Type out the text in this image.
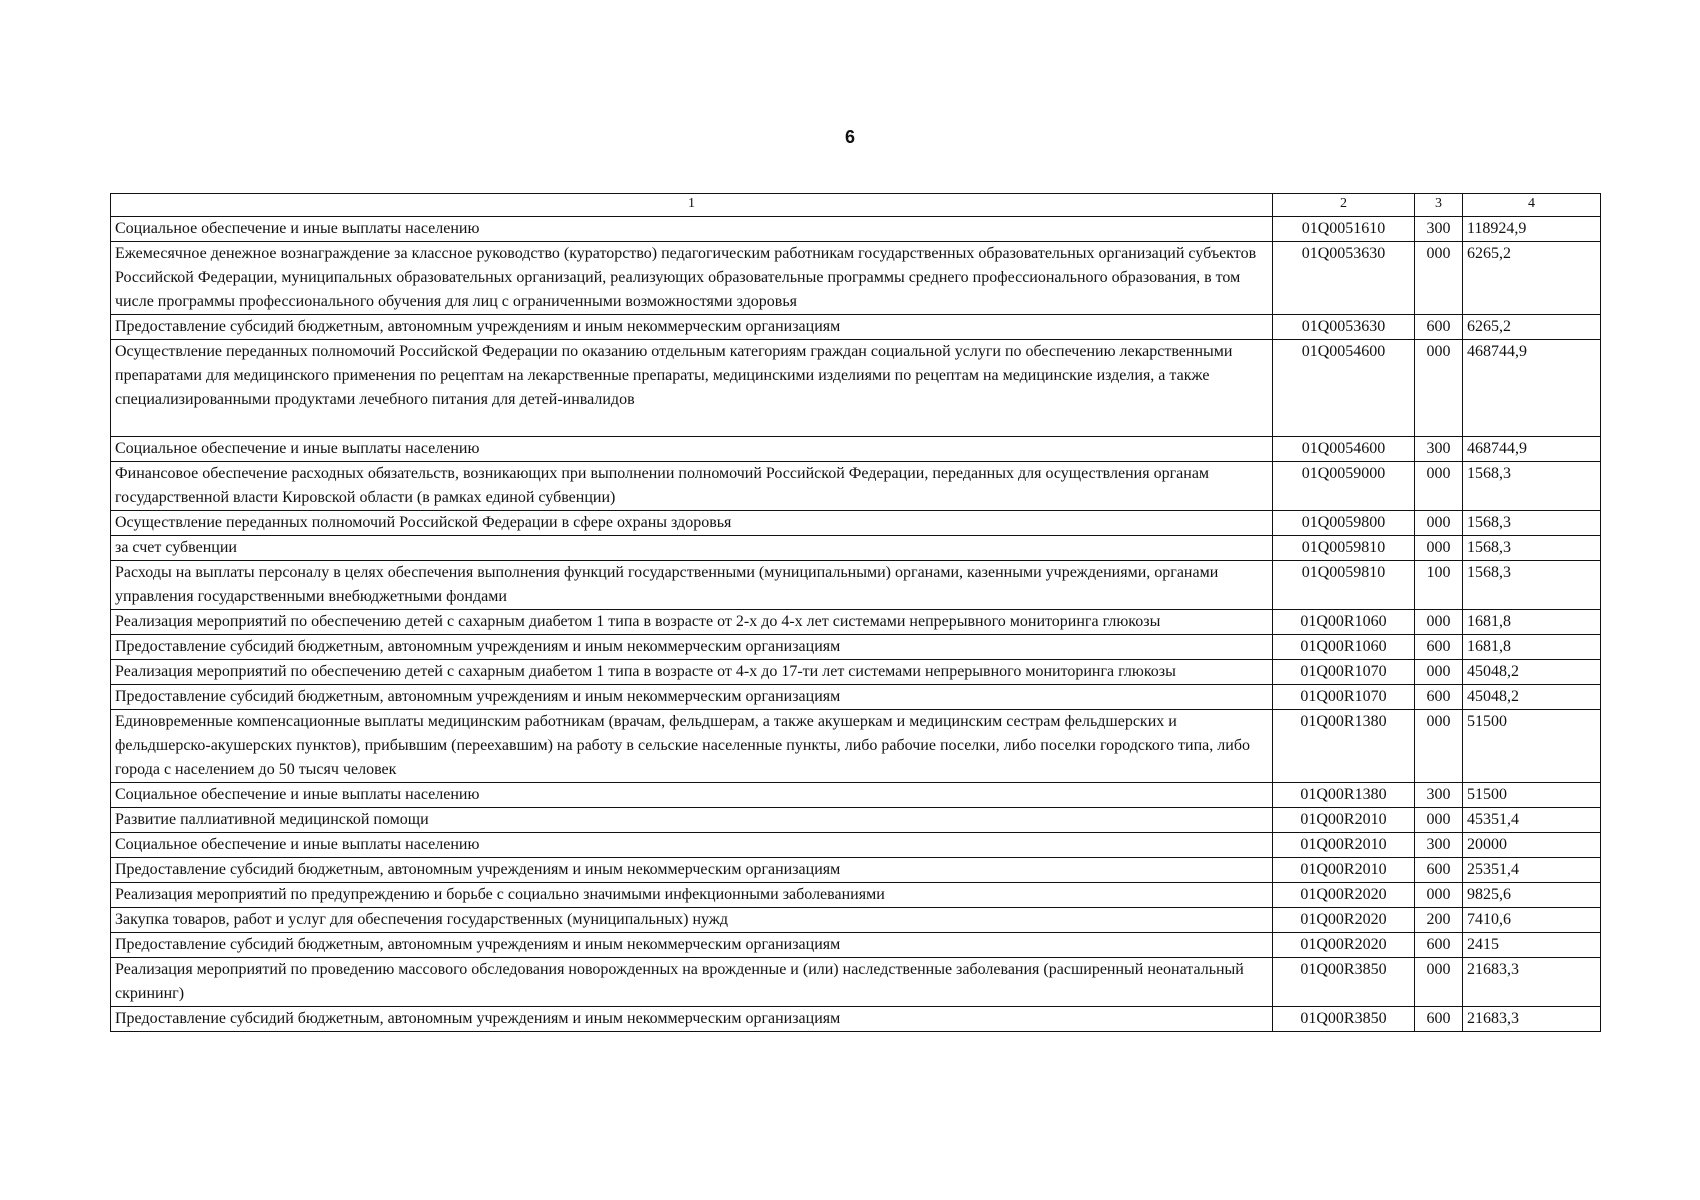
6
1	2	3	4
Социальное обеспечение и иные выплаты населению	01Q0051610	300	118924,9
Ежемесячное денежное вознаграждение за классное руководство (кураторство) педагогическим работникам государственных образовательных организаций субъектов Российской Федерации, муниципальных образовательных организаций, реализующих образовательные программы среднего профессионального образования, в том числе программы профессионального обучения для лиц с ограниченными возможностями здоровья	01Q0053630	000	6265,2
Предоставление субсидий бюджетным, автономным учреждениям и иным некоммерческим организациям	01Q0053630	600	6265,2
Осуществление переданных полномочий Российской Федерации по оказанию отдельным категориям граждан социальной услуги по обеспечению лекарственными препаратами для медицинского применения по рецептам на лекарственные препараты, медицинскими изделиями по рецептам на медицинские изделия, а также специализированными продуктами лечебного питания для детей-инвалидов	01Q0054600	000	468744,9
Социальное обеспечение и иные выплаты населению	01Q0054600	300	468744,9
Финансовое обеспечение расходных обязательств, возникающих при выполнении полномочий Российской Федерации, переданных для осуществления органам государственной власти Кировской области (в рамках единой субвенции)	01Q0059000	000	1568,3
Осуществление переданных полномочий Российской Федерации в сфере охраны здоровья	01Q0059800	000	1568,3
за счет субвенции	01Q0059810	000	1568,3
Расходы на выплаты персоналу в целях обеспечения выполнения функций государственными (муниципальными) органами, казенными учреждениями, органами управления государственными внебюджетными фондами	01Q0059810	100	1568,3
Реализация мероприятий по обеспечению детей с сахарным диабетом 1 типа в возрасте от 2-х до 4-х лет системами непрерывного мониторинга глюкозы	01Q00R1060	000	1681,8
Предоставление субсидий бюджетным, автономным учреждениям и иным некоммерческим организациям	01Q00R1060	600	1681,8
Реализация мероприятий по обеспечению детей с сахарным диабетом 1 типа в возрасте от 4-х до 17-ти лет системами непрерывного мониторинга глюкозы	01Q00R1070	000	45048,2
Предоставление субсидий бюджетным, автономным учреждениям и иным некоммерческим организациям	01Q00R1070	600	45048,2
Единовременные компенсационные выплаты медицинским работникам (врачам, фельдшерам, а также акушеркам и медицинским сестрам фельдшерских и фельдшерско-акушерских пунктов), прибывшим (переехавшим) на работу в сельские населенные пункты, либо рабочие поселки, либо поселки городского типа, либо города с населением до 50 тысяч человек	01Q00R1380	000	51500
Социальное обеспечение и иные выплаты населению	01Q00R1380	300	51500
Развитие паллиативной медицинской помощи	01Q00R2010	000	45351,4
Социальное обеспечение и иные выплаты населению	01Q00R2010	300	20000
Предоставление субсидий бюджетным, автономным учреждениям и иным некоммерческим организациям	01Q00R2010	600	25351,4
Реализация мероприятий по предупреждению и борьбе с социально значимыми инфекционными заболеваниями	01Q00R2020	000	9825,6
Закупка товаров, работ и услуг для обеспечения государственных (муниципальных) нужд	01Q00R2020	200	7410,6
Предоставление субсидий бюджетным, автономным учреждениям и иным некоммерческим организациям	01Q00R2020	600	2415
Реализация мероприятий по проведению массового обследования новорожденных на врожденные и (или) наследственные заболевания (расширенный неонатальный скрининг)	01Q00R3850	000	21683,3
Предоставление субсидий бюджетным, автономным учреждениям и иным некоммерческим организациям	01Q00R3850	600	21683,3
